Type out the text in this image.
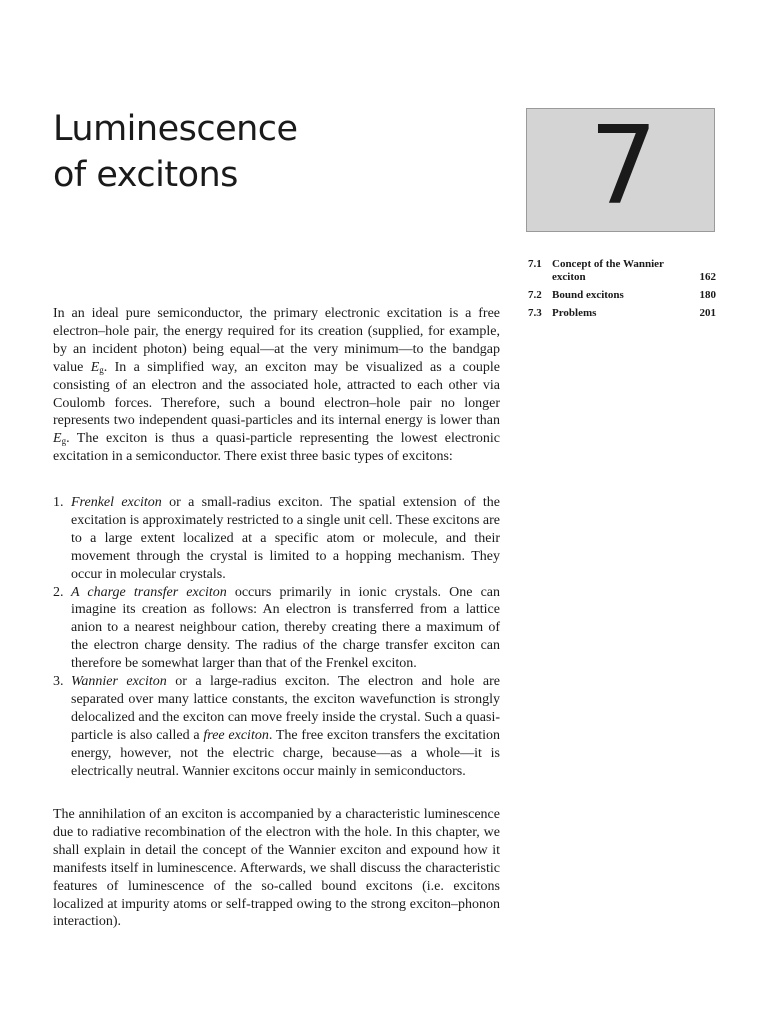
Luminescence
of excitons	7
7.1 Concept of the Wannier exciton	162
7.2 Bound excitons	180
7.3 Problems	201

In an ideal pure semiconductor, the primary electronic excitation is a free electron–hole pair, the energy required for its creation (supplied, for example, by an incident photon) being equal—at the very minimum—to the bandgap value $E_g$. In a simplified way, an exciton may be visualized as a couple consisting of an electron and the associated hole, attracted to each other via Coulomb forces. Therefore, such a bound electron–hole pair no longer represents two independent quasi-particles and its internal energy is lower than $E_g$. The exciton is thus a quasi-particle representing the lowest electronic excitation in a semiconductor. There exist three basic types of excitons:

1. Frenkel exciton or a small-radius exciton. The spatial extension of the excitation is approximately restricted to a single unit cell. These excitons are to a large extent localized at a specific atom or molecule, and their movement through the crystal is limited to a hopping mechanism. They occur in molecular crystals.
2. A charge transfer exciton occurs primarily in ionic crystals. One can imagine its creation as follows: An electron is transferred from a lattice anion to a nearest neighbour cation, thereby creating there a maximum of the electron charge density. The radius of the charge transfer exciton can therefore be somewhat larger than that of the Frenkel exciton.
3. Wannier exciton or a large-radius exciton. The electron and hole are separated over many lattice constants, the exciton wavefunction is strongly delocalized and the exciton can move freely inside the crystal. Such a quasi-particle is also called a free exciton. The free exciton transfers the excitation energy, however, not the electric charge, because—as a whole—it is electrically neutral. Wannier excitons occur mainly in semiconductors.

The annihilation of an exciton is accompanied by a characteristic luminescence due to radiative recombination of the electron with the hole. In this chapter, we shall explain in detail the concept of the Wannier exciton and expound how it manifests itself in luminescence. Afterwards, we shall discuss the characteristic features of luminescence of the so-called bound excitons (i.e. excitons localized at impurity atoms or self-trapped owing to the strong exciton–phonon interaction).
